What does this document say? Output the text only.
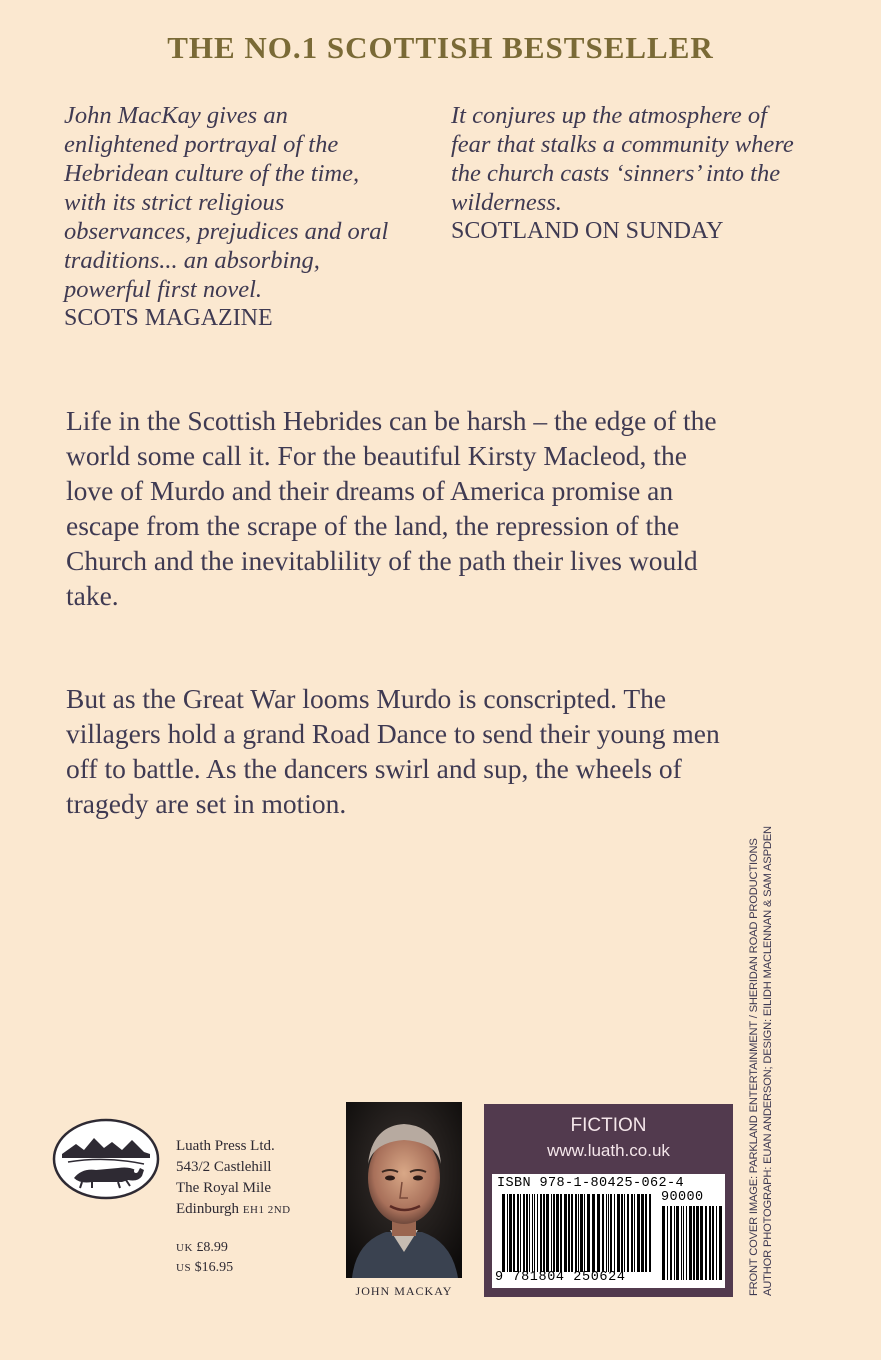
THE NO.1 SCOTTISH BESTSELLER
John MacKay gives an enlightened portrayal of the Hebridean culture of the time, with its strict religious observances, prejudices and oral traditions... an absorbing, powerful first novel.
SCOTS MAGAZINE
It conjures up the atmosphere of fear that stalks a community where the church casts ‘sinners’ into the wilderness.
SCOTLAND ON SUNDAY

Life in the Scottish Hebrides can be harsh – the edge of the world some call it. For the beautiful Kirsty Macleod, the love of Murdo and their dreams of America promise an escape from the scrape of the land, the repression of the Church and the inevitablility of the path their lives would take.

But as the Great War looms Murdo is conscripted. The villagers hold a grand Road Dance to send their young men off to battle. As the dancers swirl and sup, the wheels of tragedy are set in motion.

FRONT COVER IMAGE: PARKLAND ENTERTAINMENT / SHERIDAN ROAD PRODUCTIONS AUTHOR PHOTOGRAPH: EUAN ANDERSON; DESIGN: EILIDH MACLENNAN & SAM ASPDEN
Luath Press Ltd.
543/2 Castlehill
The Royal Mile
Edinburgh EH1 2ND
UK £8.99
US $16.95
JOHN MACKAY
FICTION
www.luath.co.uk
ISBN 978-1-80425-062-4
90000
9 781804 250624
